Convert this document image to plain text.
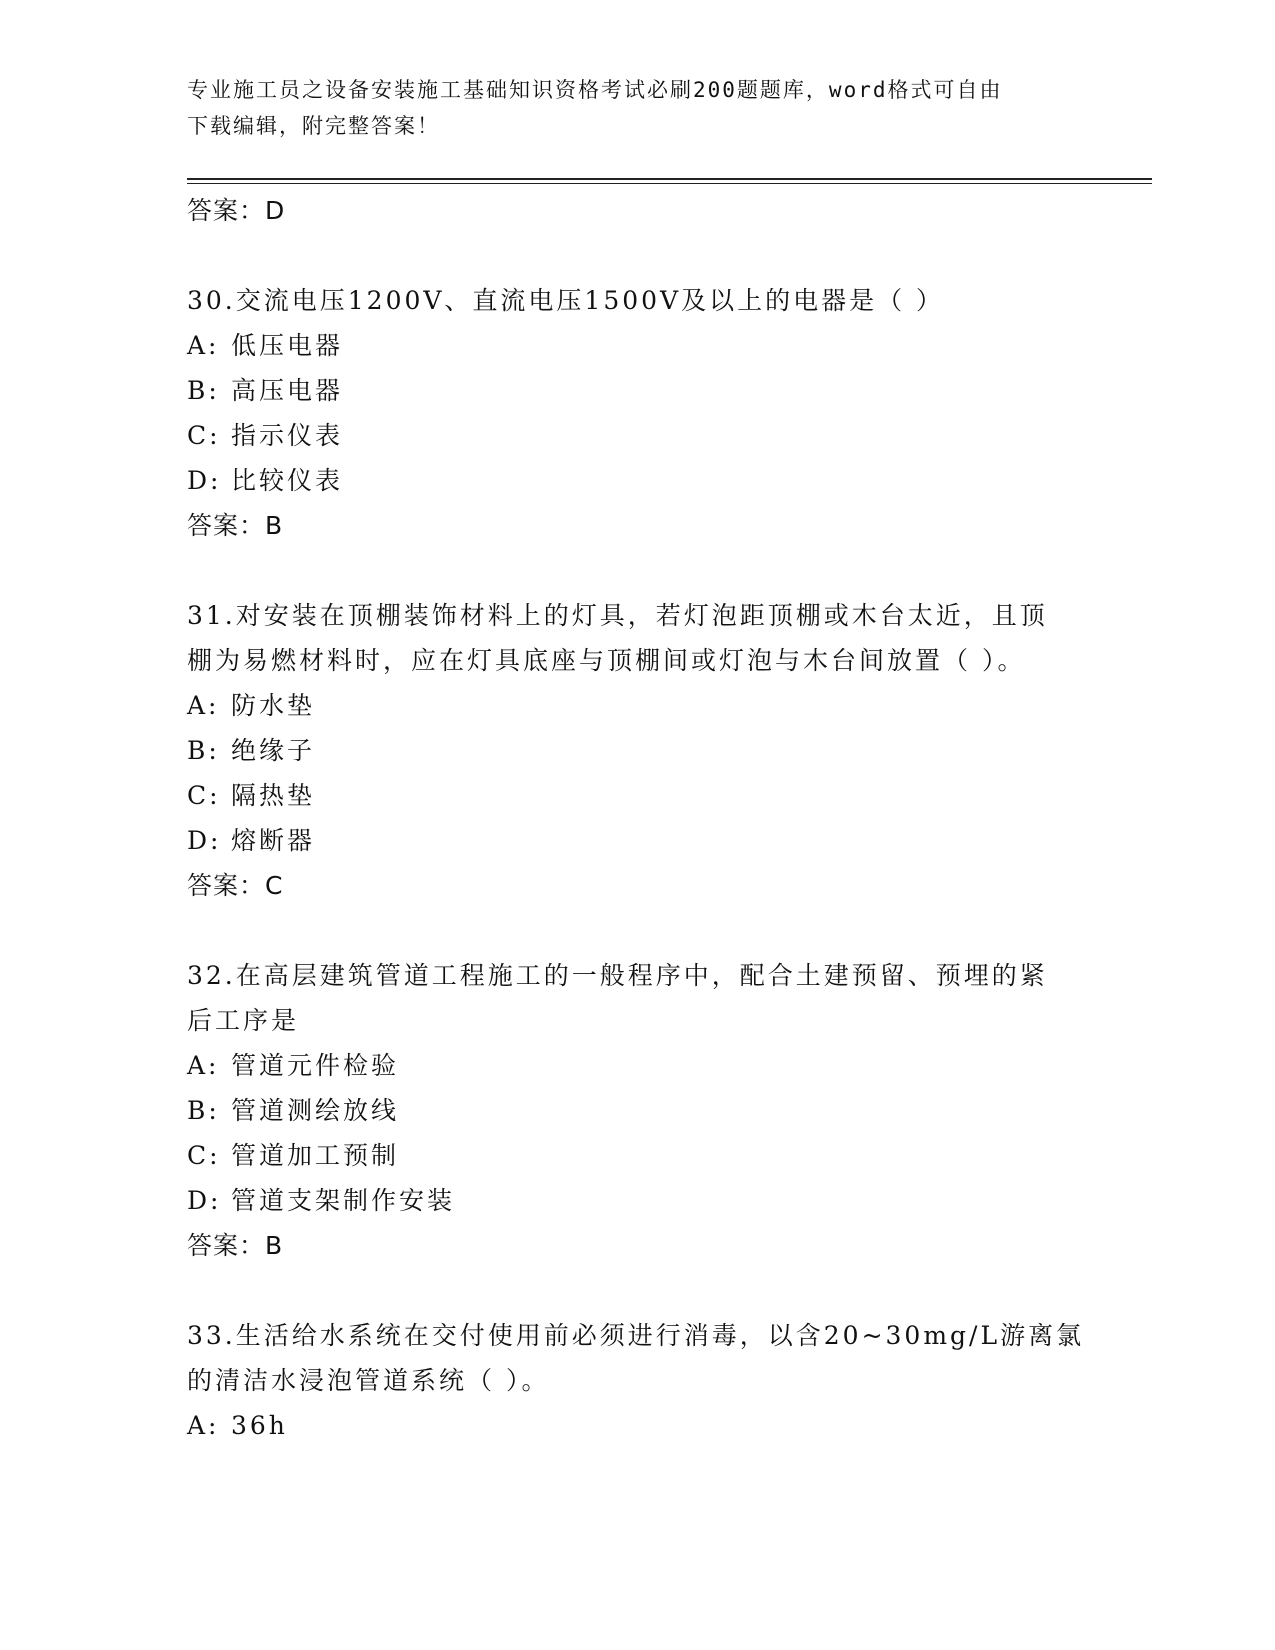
专业施工员之设备安装施工基础知识资格考试必刷200题题库，word格式可自由
下载编辑，附完整答案！
答案：D
30.交流电压1200V、直流电压1500V及以上的电器是（ ）
A: 低压电器
B: 高压电器
C: 指示仪表
D: 比较仪表
答案：B
31.对安装在顶棚装饰材料上的灯具，若灯泡距顶棚或木台太近，且顶
棚为易燃材料时，应在灯具底座与顶棚间或灯泡与木台间放置（ ）。
A: 防水垫
B: 绝缘子
C: 隔热垫
D: 熔断器
答案：C
32.在高层建筑管道工程施工的一般程序中，配合土建预留、预埋的紧
后工序是
A: 管道元件检验
B: 管道测绘放线
C: 管道加工预制
D: 管道支架制作安装
答案：B
33.生活给水系统在交付使用前必须进行消毒，以含20~30mg/L游离氯
的清洁水浸泡管道系统（ ）。
A: 36h
